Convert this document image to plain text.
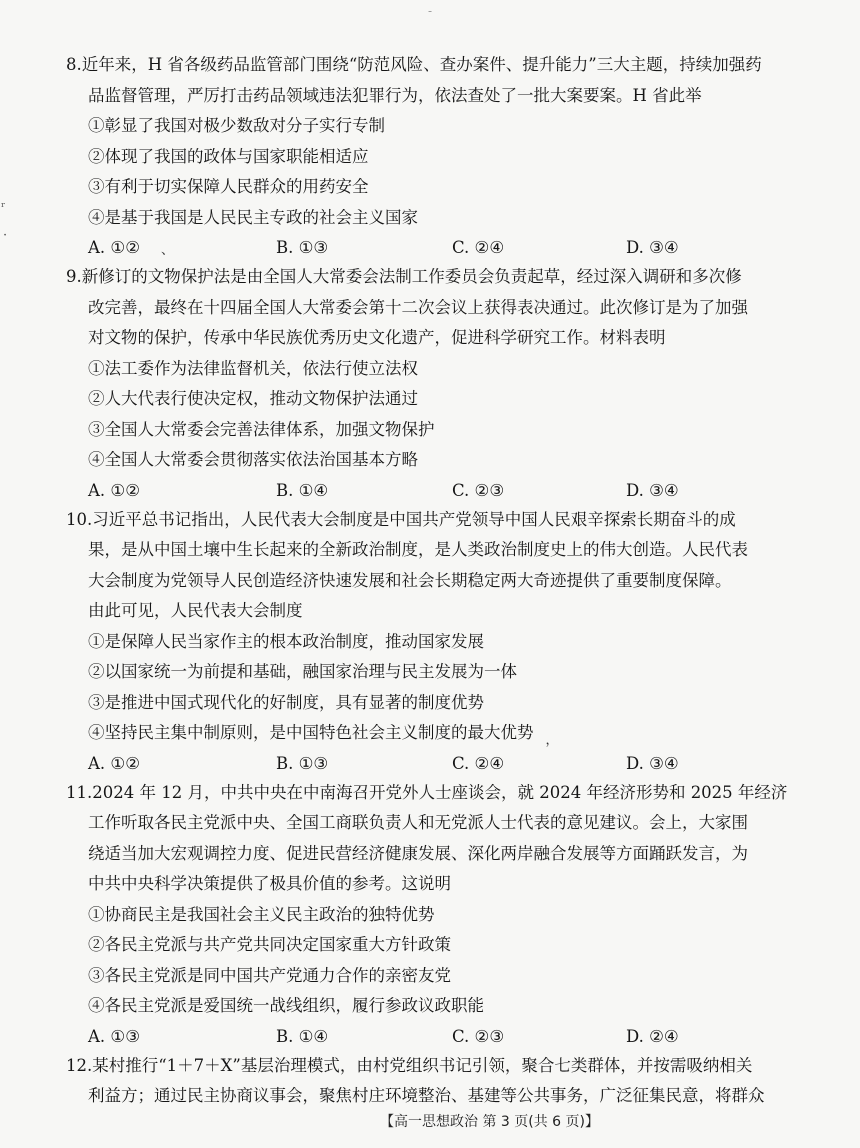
-
ʳ
·
8.近年来，H 省各级药品监管部门围绕“防范风险、查办案件、提升能力”三大主题，持续加强药
品监督管理，严厉打击药品领域违法犯罪行为，依法查处了一批大案要案。H 省此举
①彰显了我国对极少数敌对分子实行专制
②体现了我国的政体与国家职能相适应
③有利于切实保障人民群众的用药安全
④是基于我国是人民民主专政的社会主义国家
A. ①②	B. ①③	C. ②④	D. ③④
9.新修订的文物保护法是由全国人大常委会法制工作委员会负责起草，经过深入调研和多次修
改完善，最终在十四届全国人大常委会第十二次会议上获得表决通过。此次修订是为了加强
对文物的保护，传承中华民族优秀历史文化遗产，促进科学研究工作。材料表明
①法工委作为法律监督机关，依法行使立法权
②人大代表行使决定权，推动文物保护法通过
③全国人大常委会完善法律体系，加强文物保护
④全国人大常委会贯彻落实依法治国基本方略
A. ①②	B. ①④	C. ②③	D. ③④
10.习近平总书记指出，人民代表大会制度是中国共产党领导中国人民艰辛探索长期奋斗的成
果，是从中国土壤中生长起来的全新政治制度，是人类政治制度史上的伟大创造。人民代表
大会制度为党领导人民创造经济快速发展和社会长期稳定两大奇迹提供了重要制度保障。
由此可见，人民代表大会制度
①是保障人民当家作主的根本政治制度，推动国家发展
②以国家统一为前提和基础，融国家治理与民主发展为一体
③是推进中国式现代化的好制度，具有显著的制度优势
④坚持民主集中制原则，是中国特色社会主义制度的最大优势
A. ①②	B. ①③	C. ②④	D. ③④
11.2024 年 12 月，中共中央在中南海召开党外人士座谈会，就 2024 年经济形势和 2025 年经济
工作听取各民主党派中央、全国工商联负责人和无党派人士代表的意见建议。会上，大家围
绕适当加大宏观调控力度、促进民营经济健康发展、深化两岸融合发展等方面踊跃发言，为
中共中央科学决策提供了极具价值的参考。这说明
①协商民主是我国社会主义民主政治的独特优势
②各民主党派与共产党共同决定国家重大方针政策
③各民主党派是同中国共产党通力合作的亲密友党
④各民主党派是爱国统一战线组织，履行参政议政职能
A. ①③	B. ①④	C. ②③	D. ②④
12.某村推行“1＋7＋X”基层治理模式，由村党组织书记引领，聚合七类群体，并按需吸纳相关
利益方；通过民主协商议事会，聚焦村庄环境整治、基建等公共事务，广泛征集民意，将群众
、
，
【高一思想政治 第 3 页(共 6 页)】
